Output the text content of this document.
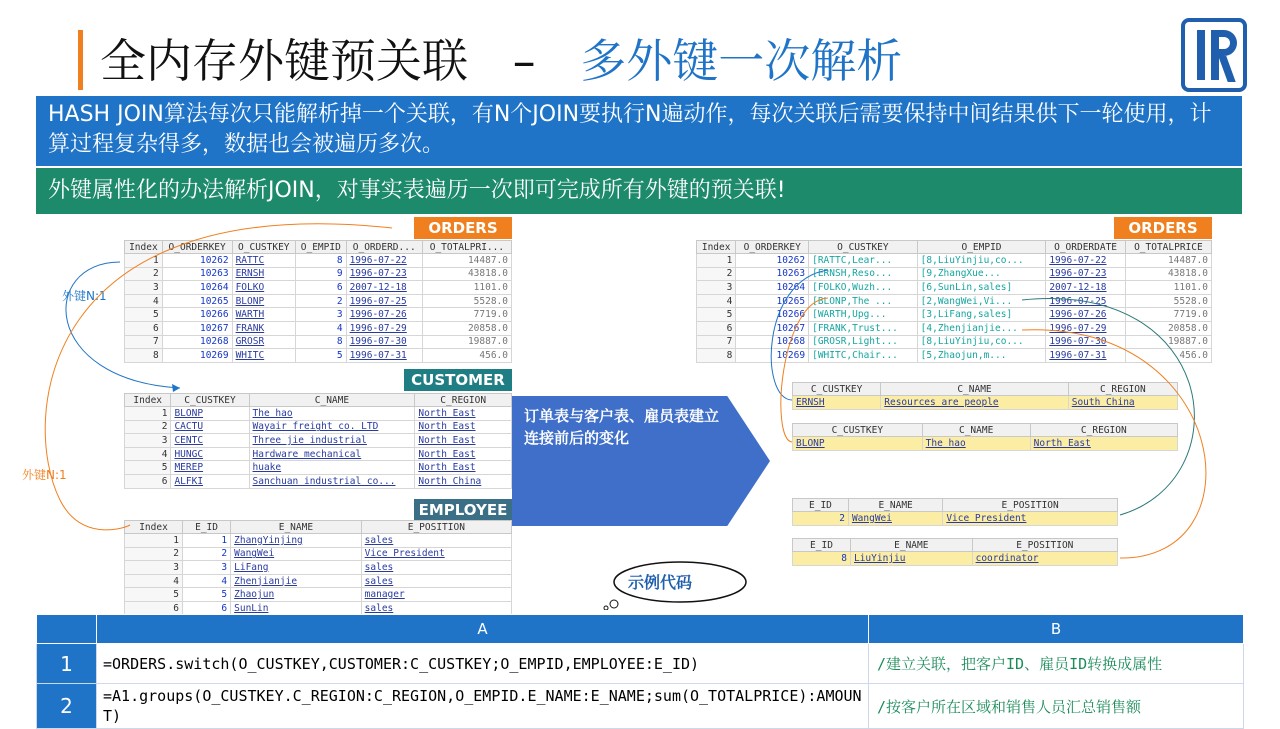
全内存外键预关联 – 多外键一次解析
HASH JOIN算法每次只能解析掉一个关联，有N个JOIN要执行N遍动作，每次关联后需要保持中间结果供下一轮使用，计算过程复杂得多，数据也会被遍历多次。
外键属性化的办法解析JOIN，对事实表遍历一次即可完成所有外键的预关联!
ORDERS
Index	O_ORDERKEY	O_CUSTKEY	O_EMPID	O_ORDERD...	O_TOTALPRI...
1	10262	RATTC	8	1996-07-22	14487.0
2	10263	ERNSH	9	1996-07-23	43818.0
3	10264	FOLKO	6	2007-12-18	1101.0
4	10265	BLONP	2	1996-07-25	5528.0
5	10266	WARTH	3	1996-07-26	7719.0
6	10267	FRANK	4	1996-07-29	20858.0
7	10268	GROSR	8	1996-07-30	19887.0
8	10269	WHITC	5	1996-07-31	456.0
CUSTOMER
Index	C_CUSTKEY	C_NAME	C_REGION
1	BLONP	The hao	North East
2	CACTU	Wayair freight co. LTD	North East
3	CENTC	Three jie industrial	North East
4	HUNGC	Hardware mechanical	North East
5	MEREP	huake	North East
6	ALFKI	Sanchuan industrial co...	North China
EMPLOYEE
Index	E_ID	E_NAME	E_POSITION
1	1	ZhangYinjing	sales
2	2	WangWei	Vice President
3	3	LiFang	sales
4	4	Zhenjianjie	sales
5	5	Zhaojun	manager
6	6	SunLin	sales
外键N:1
外键N:1
订单表与客户表、雇员表建立连接前后的变化
ORDERS
Index	O_ORDERKEY	O_CUSTKEY	O_EMPID	O_ORDERDATE	O_TOTALPRICE
1	10262	[RATTC,Lear...	[8,LiuYinjiu,co...	1996-07-22	14487.0
2	10263	[ERNSH,Reso...	[9,ZhangXue...	1996-07-23	43818.0
3	10264	[FOLKO,Wuzh...	[6,SunLin,sales]	2007-12-18	1101.0
4	10265	[BLONP,The ...	[2,WangWei,Vi...	1996-07-25	5528.0
5	10266	[WARTH,Upg...	[3,LiFang,sales]	1996-07-26	7719.0
6	10267	[FRANK,Trust...	[4,Zhenjianjie...	1996-07-29	20858.0
7	10268	[GROSR,Light...	[8,LiuYinjiu,co...	1996-07-30	19887.0
8	10269	[WHITC,Chair...	[5,Zhaojun,m...	1996-07-31	456.0
C_CUSTKEY	C_NAME	C_REGION
ERNSH	Resources are people	South China
C_CUSTKEY	C_NAME	C_REGION
BLONP	The hao	North East
E_ID	E_NAME	E_POSITION
2	WangWei	Vice President
E_ID	E_NAME	E_POSITION
8	LiuYinjiu	coordinator
示例代码
	A	B
1	=ORDERS.switch(O_CUSTKEY,CUSTOMER:C_CUSTKEY;O_EMPID,EMPLOYEE:E_ID)	/建立关联，把客户ID、雇员ID转换成属性
2	=A1.groups(O_CUSTKEY.C_REGION:C_REGION,O_EMPID.E_NAME:E_NAME;sum(O_TOTALPRICE):AMOUNT)	/按客户所在区域和销售人员汇总销售额
